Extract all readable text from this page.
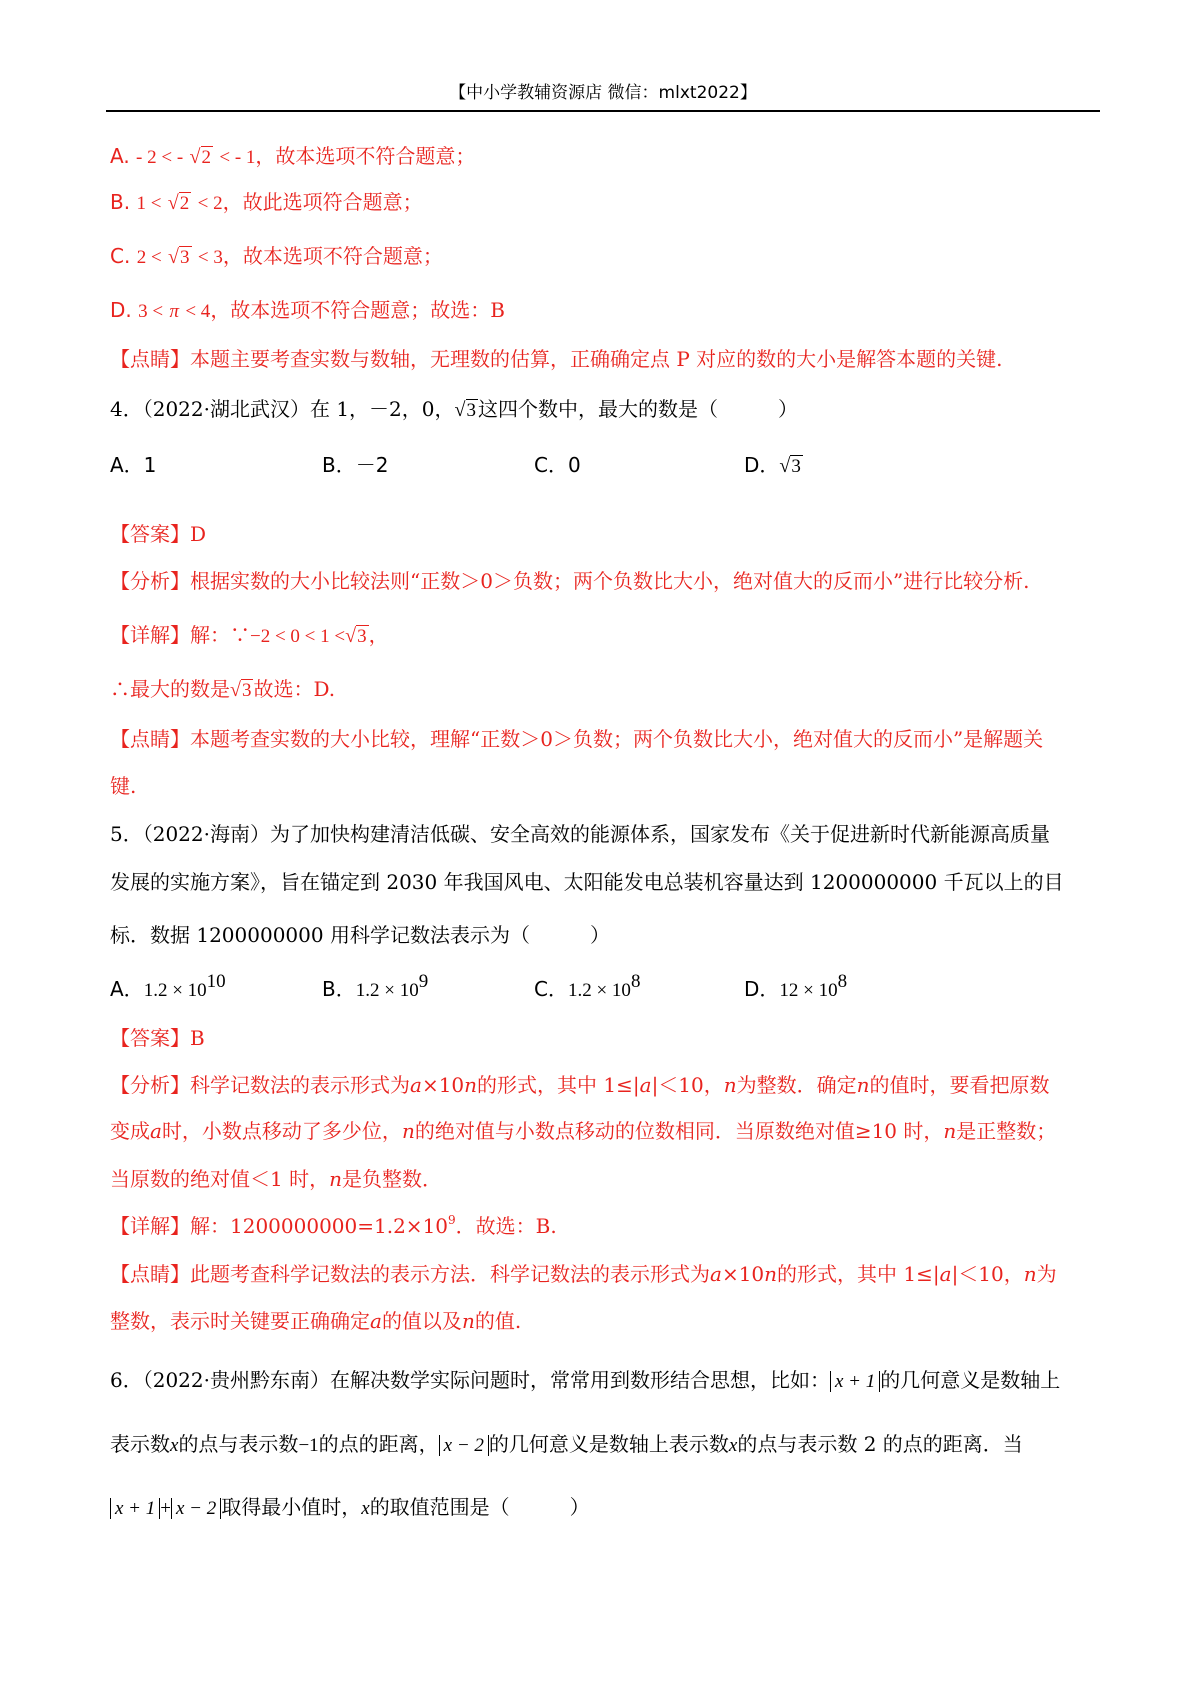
【中小学教辅资源店 微信：mlxt2022】
A. - 2 < - √2 < - 1，故本选项不符合题意；
B. 1 < √2 < 2，故此选项符合题意；
C. 2 < √3 < 3，故本选项不符合题意；
D. 3 < π < 4，故本选项不符合题意；故选：B
【点睛】本题主要考查实数与数轴，无理数的估算，正确确定点 P 对应的数的大小是解答本题的关键.
4．（2022·湖北武汉）在 1，－2，0，√3 这四个数中，最大的数是（　　　）
A．1	B．－2	C．0	D．√3
【答案】D
【分析】根据实数的大小比较法则“正数＞0＞负数；两个负数比大小，绝对值大的反而小”进行比较分析.
【详解】解：∵−2 < 0 < 1 <√3 ，
∴最大的数是√3 故选：D.
【点睛】本题考查实数的大小比较，理解“正数＞0＞负数；两个负数比大小，绝对值大的反而小”是解题关
键.
5．（2022·海南）为了加快构建清洁低碳、安全高效的能源体系，国家发布《关于促进新时代新能源高质量
发展的实施方案》，旨在锚定到 2030 年我国风电、太阳能发电总装机容量达到 1200000000 千瓦以上的目
标．数据 1200000000 用科学记数法表示为（　　　）
A．$1.2 \times 10^{10}$	B．$1.2 \times 10^9$	C．$1.2 \times 10^8$	D．$12 \times 10^8$
【答案】B
【分析】科学记数法的表示形式为a×10n的形式，其中 1≤|a|＜10，n为整数．确定n的值时，要看把原数
变成a时，小数点移动了多少位，n的绝对值与小数点移动的位数相同．当原数绝对值≥10 时，n是正整数；
当原数的绝对值＜1 时，n是负整数．
【详解】解：$1200000000=1.2\times 10^9$．故选：B.
【点睛】此题考查科学记数法的表示方法．科学记数法的表示形式为a×10n的形式，其中 1≤|a|＜10，n为
整数，表示时关键要正确确定a的值以及n的值.
6．（2022·贵州黔东南）在解决数学实际问题时，常常用到数形结合思想，比如： x + 1 的几何意义是数轴上
表示数x的点与表示数−1的点的距离， x − 2 的几何意义是数轴上表示数x的点与表示数 2 的点的距离．当
x + 1 + x − 2 取得最小值时，x的取值范围是（　　　）
